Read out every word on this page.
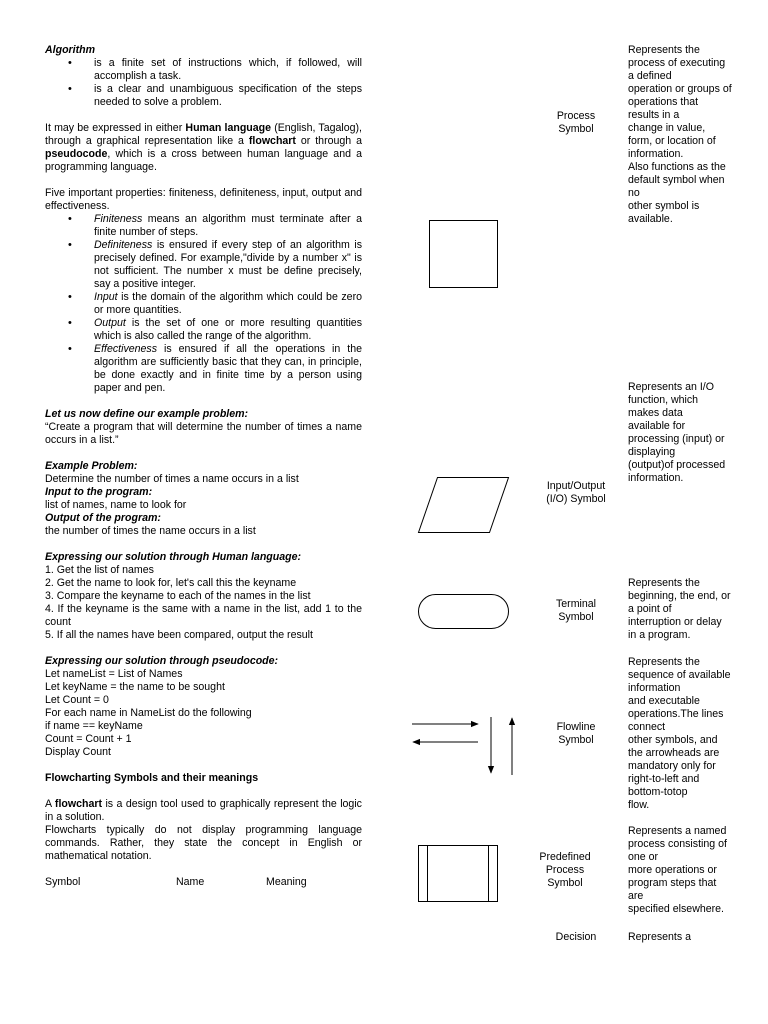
Algorithm

• is a finite set of instructions which, if followed, will accomplish a task.
• is a clear and unambiguous specification of the steps needed to solve a problem.

It may be expressed in either Human language (English, Tagalog), through a graphical representation like a flowchart or through a pseudocode, which is a cross between human language and a programming language.

Five important properties: finiteness, definiteness, input, output and effectiveness.

• Finiteness means an algorithm must terminate after a finite number of steps.
• Definiteness is ensured if every step of an algorithm is precisely defined. For example,"divide by a number x" is not sufficient. The number x must be define precisely, say a positive integer.
• Input is the domain of the algorithm which could be zero or more quantities.
• Output is the set of one or more resulting quantities which is also called the range of the algorithm.
• Effectiveness is ensured if all the operations in the algorithm are sufficiently basic that they can, in principle, be done exactly and in finite time by a person using paper and pen.

Let us now define our example problem:

“Create a program that will determine the number of times a name occurs in a list.”

Example Problem:

Determine the number of times a name occurs in a list

Input to the program:

list of names, name to look for

Output of the program:

the number of times the name occurs in a list

Expressing our solution through Human language:

1. Get the list of names

2. Get the name to look for, let's call this the keyname

3. Compare the keyname to each of the names in the list

4. If the keyname is the same with a name in the list, add 1 to the count

5. If all the names have been compared, output the result

Expressing our solution through pseudocode:

Let nameList = List of Names

Let keyName = the name to be sought

Let Count = 0

For each name in NameList do the following

if name == keyName

Count = Count + 1

Display Count

Flowcharting Symbols and their meanings

A flowchart is a design tool used to graphically represent the logic in a solution.

Flowcharts typically do not display programming language commands. Rather, they state the concept in English or mathematical notation.

Symbol	Name	Meaning
Process
Symbol
Input/Output
(I/O) Symbol
Terminal
Symbol
Flowline
Symbol
Predefined
Process
Symbol
Decision
Represents the
process of executing
a defined
operation or groups of
operations that
results in a
change in value,
form, or location of
information.
Also functions as the
default symbol when
no
other symbol is
available.
Represents an I/O
function, which
makes data
available for
processing (input) or
displaying
(output)of processed
information.
Represents the
beginning, the end, or
a point of
interruption or delay
in a program.
Represents the
sequence of available
information
and executable
operations.The lines
connect
other symbols, and
the arrowheads are
mandatory only for
right-to-left and
bottom-totop
flow.
Represents a named
process consisting of
one or
more operations or
program steps that
are
specified elsewhere.
Represents a
